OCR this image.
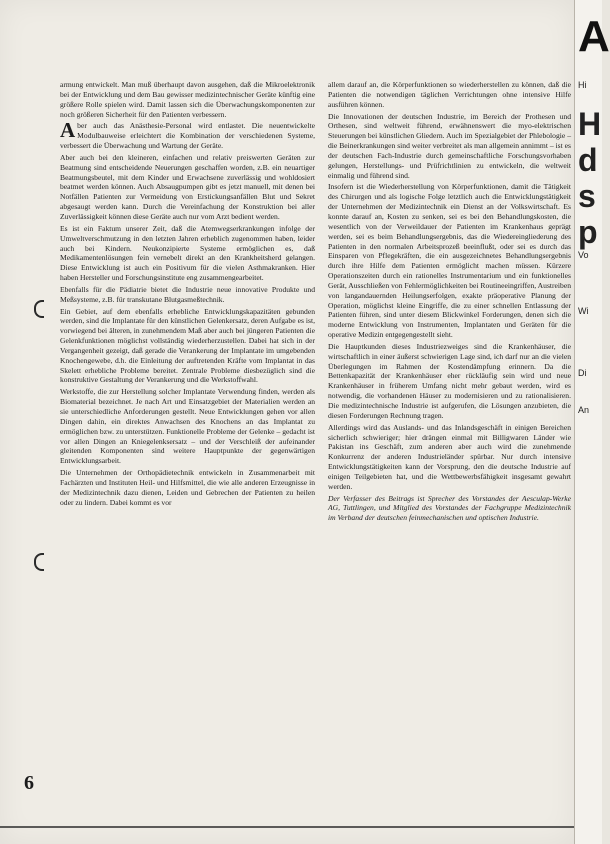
armung entwickelt. Man muß überhaupt davon ausgehen, daß die Mikroelektronik bei der Entwicklung und dem Bau gewisser medizintechnischer Geräte künftig eine größere Rolle spielen wird. Damit lassen sich die Überwachungskomponenten zur noch größeren Sicherheit für den Patienten verbessern.

Aber auch das Anästhesie-Personal wird entlastet. Die neuentwickelte Modulbauweise erleichtert die Kombination der verschiedenen Systeme, verbessert die Überwachung und Wartung der Geräte.

Aber auch bei den kleineren, einfachen und relativ preiswerten Geräten zur Beatmung sind entscheidende Neuerungen geschaffen worden, z.B. ein neuartiger Beatmungsbeutel, mit dem Kinder und Erwachsene zuverlässig und wohldosiert beatmet werden können. Auch Absaugpumpen gibt es jetzt manuell, mit denen bei Notfällen Patienten zur Vermeidung von Erstickungsanfällen Blut und Sekret abgesaugt werden kann. Durch die Vereinfachung der Konstruktion bei aller Zuverlässigkeit können diese Geräte auch nur vom Arzt bedient werden.

Es ist ein Faktum unserer Zeit, daß die Atemwegserkrankungen infolge der Umweltverschmutzung in den letzten Jahren erheblich zugenommen haben, leider auch bei Kindern. Neukonzipierte Systeme ermöglichen es, daß Medikamentenlösungen fein vernebelt direkt an den Krankheitsherd gelangen. Diese Entwicklung ist auch ein Positivum für die vielen Asthmakranken. Hier haben Hersteller und Forschungsinstitute eng zusammengearbeitet.

Ebenfalls für die Pädiatrie bietet die Industrie neue innovative Produkte und Meßsysteme, z.B. für transkutane Blutgasmeßtechnik.

Ein Gebiet, auf dem ebenfalls erhebliche Entwicklungskapazitäten gebunden werden, sind die Implantate für den künstlichen Gelenkersatz, deren Aufgabe es ist, vorwiegend bei älteren, in zunehmendem Maß aber auch bei jüngeren Patienten die Gelenkfunktionen möglichst vollständig wiederherzustellen. Dabei hat sich in der Vergangenheit gezeigt, daß gerade die Verankerung der Implantate im umgebenden Knochengewebe, d.h. die Einleitung der auftretenden Kräfte vom Implantat in das Skelett erhebliche Probleme bereitet. Zentrale Probleme diesbezüglich sind die konstruktive Gestaltung der Verankerung und die Werkstoffwahl.

Werkstoffe, die zur Herstellung solcher Implantate Verwendung finden, werden als Biomaterial bezeichnet. Je nach Art und Einsatzgebiet der Materialien werden an sie unterschiedliche Anforderungen gestellt. Neue Entwicklungen gehen vor allen Dingen dahin, ein direktes Anwachsen des Knochens an das Implantat zu ermöglichen bzw. zu unterstützen. Funktionelle Probleme der Gelenke – gedacht ist vor allen Dingen an Kniegelenksersatz – und der Verschleiß der aufeinander gleitenden Komponenten sind weitere Hauptpunkte der gegenwärtigen Entwicklungsarbeit.

Die Unternehmen der Orthopädietechnik entwickeln in Zusammenarbeit mit Fachärzten und Instituten Heil- und Hilfsmittel, die wie alle anderen Erzeugnisse in der Medizintechnik dazu dienen, Leiden und Gebrechen der Patienten zu heilen oder zu lindern. Dabei kommt es vor

allem darauf an, die Körperfunktionen so wiederherstellen zu können, daß die Patienten die notwendigen täglichen Verrichtungen ohne intensive Hilfe ausführen können.

Die Innovationen der deutschen Industrie, im Bereich der Prothesen und Orthesen, sind weltweit führend, erwähnenswert die myo-elektrischen Steuerungen bei künstlichen Gliedern. Auch im Spezialgebiet der Phlebologie – die Beinerkrankungen sind weiter verbreitet als man allgemein annimmt – ist es der deutschen Fach-Industrie durch gemeinschaftliche Forschungsvorhaben gelungen, Herstellungs- und Prüfrichtlinien zu entwickeln, die weltweit einmalig und führend sind.

Insofern ist die Wiederherstellung von Körperfunktionen, damit die Tätigkeit des Chirurgen und als logische Folge letztlich auch die Entwicklungstätigkeit der Unternehmen der Medizintechnik ein Dienst an der Volkswirtschaft. Es konnte darauf an, Kosten zu senken, sei es bei den Behandlungskosten, die wesentlich von der Verweildauer der Patienten im Krankenhaus geprägt werden, sei es beim Behandlungsergebnis, das die Wiedereingliederung des Patienten in den normalen Arbeitsprozeß beeinflußt, oder sei es durch das Einsparen von Pflegekräften, die ein ausgezeichnetes Behandlungsergebnis durch ihre Hilfe dem Patienten ermöglicht machen müssen. Kürzere Operationszeiten durch ein rationelles Instrumentarium und ein funktionelles Gerät, Ausschließen von Fehlermöglichkeiten bei Routineeingriffen, Austreiben von langandauernden Heilungserfolgen, exakte präoperative Planung der Operation, möglichst kleine Eingriffe, die zu einer schnellen Entlassung der Patienten führen, sind unter diesem Blickwinkel Forderungen, denen sich die moderne Entwicklung von Instrumenten, Implantaten und Geräten für die operative Medizin entgegengestellt sieht.

Die Hauptkunden dieses Industriezweiges sind die Krankenhäuser, die wirtschaftlich in einer äußerst schwierigen Lage sind, ich darf nur an die vielen Überlegungen im Rahmen der Kostendämpfung erinnern. Da die Bettenkapazität der Krankenhäuser eher rückläufig sein wird und neue Krankenhäuser in früherem Umfang nicht mehr gebaut werden, wird es notwendig, die vorhandenen Häuser zu modernisieren und zu rationalisieren. Die medizintechnische Industrie ist aufgerufen, die Lösungen anzubieten, die diesen Forderungen Rechnung tragen.

Allerdings wird das Auslands- und das Inlandsgeschäft in einigen Bereichen sicherlich schwieriger; hier drängen einmal mit Billigwaren Länder wie Pakistan ins Geschäft, zum anderen aber auch wird die zunehmende Konkurrenz der anderen Industrieländer spürbar. Nur durch intensive Entwicklungstätigkeiten kann der Vorsprung, den die deutsche Industrie auf einigen Teilgebieten hat, und die Wettbewerbsfähigkeit insgesamt gewahrt werden.

Der Verfasser des Beitrags ist Sprecher des Vorstandes der Aesculap-Werke AG, Tuttlingen, und Mitglied des Vorstandes der Fachgruppe Medizintechnik im Verband der deutschen feinmechanischen und optischen Industrie.

6
A
Hi
H
d
s
p
Vo
Wi
Di
An
